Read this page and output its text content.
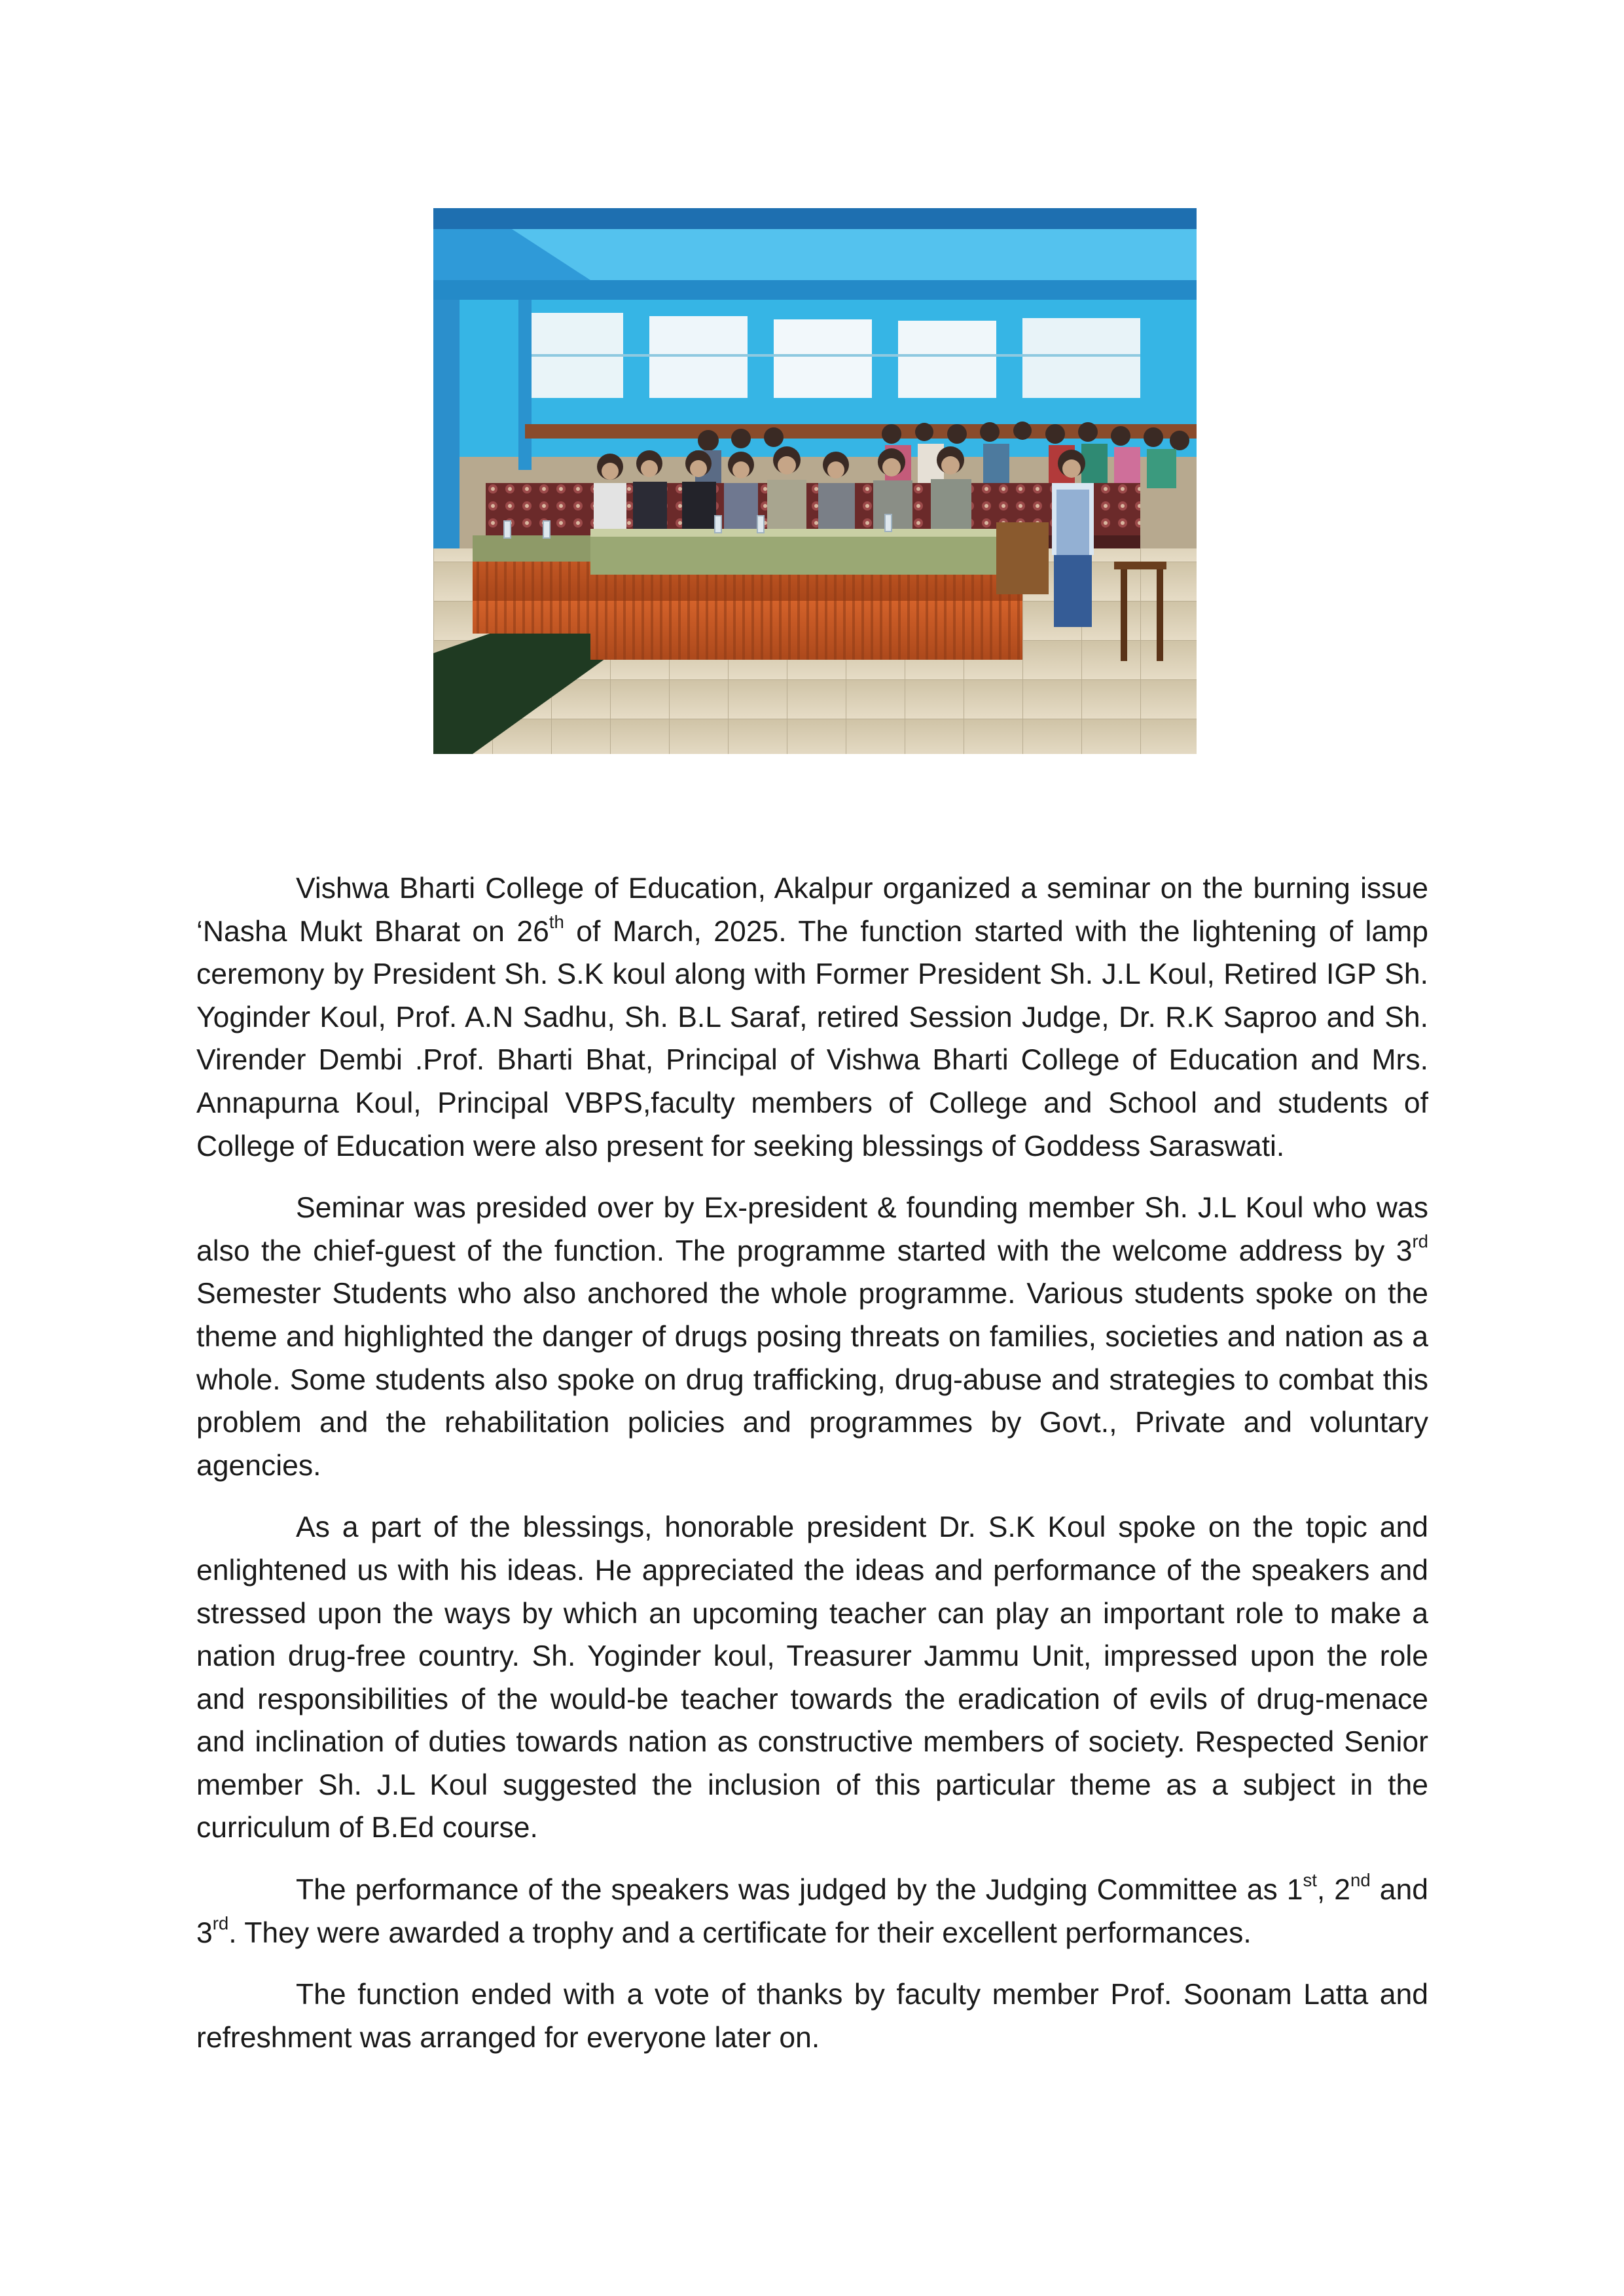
Vishwa Bharti College of Education, Akalpur organized a seminar on the burning issue ‘Nasha Mukt Bharat on 26th of March, 2025. The function started with the lightening of lamp ceremony by President Sh. S.K koul along with Former President Sh. J.L Koul, Retired IGP Sh. Yoginder Koul, Prof. A.N Sadhu, Sh. B.L Saraf, retired Session Judge, Dr. R.K Saproo and Sh. Virender Dembi .Prof. Bharti Bhat, Principal of Vishwa Bharti College of Education and Mrs. Annapurna Koul, Principal VBPS,faculty members of College and School and students of College of Education were also present for seeking blessings of Goddess Saraswati.

Seminar was presided over by Ex-president & founding member Sh. J.L Koul who was also the chief-guest of the function. The programme started with the welcome address by 3rd Semester Students who also anchored the whole programme. Various students spoke on the theme and highlighted the danger of drugs posing threats on families, societies and nation as a whole. Some students also spoke on drug trafficking, drug-abuse and strategies to combat this problem and the rehabilitation policies and programmes by Govt., Private and voluntary agencies.

As a part of the blessings, honorable president Dr. S.K Koul spoke on the topic and enlightened us with his ideas. He appreciated the ideas and performance of the speakers and stressed upon the ways by which an upcoming teacher can play an important role to make a nation drug-free country. Sh. Yoginder koul, Treasurer Jammu Unit, impressed upon the role and responsibilities of the would-be teacher towards the eradication of evils of drug-menace and inclination of duties towards nation as constructive members of society. Respected Senior member Sh. J.L Koul suggested the inclusion of this particular theme as a subject in the curriculum of B.Ed course.

The performance of the speakers was judged by the Judging Committee as 1st, 2nd and 3rd. They were awarded a trophy and a certificate for their excellent performances.

The function ended with a vote of thanks by faculty member Prof. Soonam Latta and refreshment was arranged for everyone later on.
